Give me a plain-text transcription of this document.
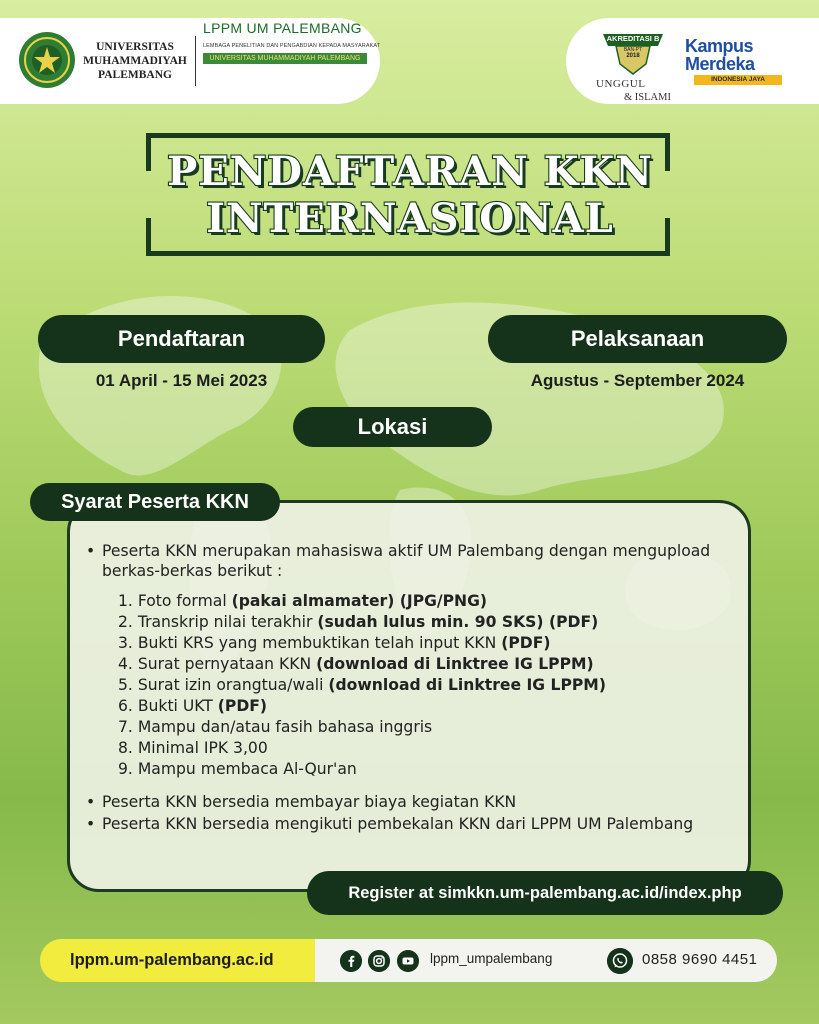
UNIVERSITAS
MUHAMMADIYAH
PALEMBANG
LPPM UM PALEMBANG
LEMBAGA PENELITIAN DAN PENGABDIAN KEPADA MASYARAKAT
UNIVERSITAS MUHAMMADIYAH PALEMBANG
AKREDITASI B
BAN-PT
2018
UNGGUL
& ISLAMI
Kampus
Merdeka
INDONESIA JAYA
PENDAFTARAN KKN
INTERNASIONAL
Pendaftaran
01 April - 15 Mei 2023
Pelaksanaan
Agustus - September 2024
Lokasi
Syarat Peserta KKN
• Peserta KKN merupakan mahasiswa aktif UM Palembang dengan mengupload berkas-berkas berikut :
1. Foto formal (pakai almamater) (JPG/PNG)
2. Transkrip nilai terakhir (sudah lulus min. 90 SKS) (PDF)
3. Bukti KRS yang membuktikan telah input KKN (PDF)
4. Surat pernyataan KKN (download di Linktree IG LPPM)
5. Surat izin orangtua/wali (download di Linktree IG LPPM)
6. Bukti UKT (PDF)
7. Mampu dan/atau fasih bahasa inggris
8. Minimal IPK 3,00
9. Mampu membaca Al-Qur'an
• Peserta KKN bersedia membayar biaya kegiatan KKN
• Peserta KKN bersedia mengikuti pembekalan KKN dari LPPM UM Palembang
Register at simkkn.um-palembang.ac.id/index.php
lppm.um-palembang.ac.id	lppm_umpalembang	0858 9690 4451
